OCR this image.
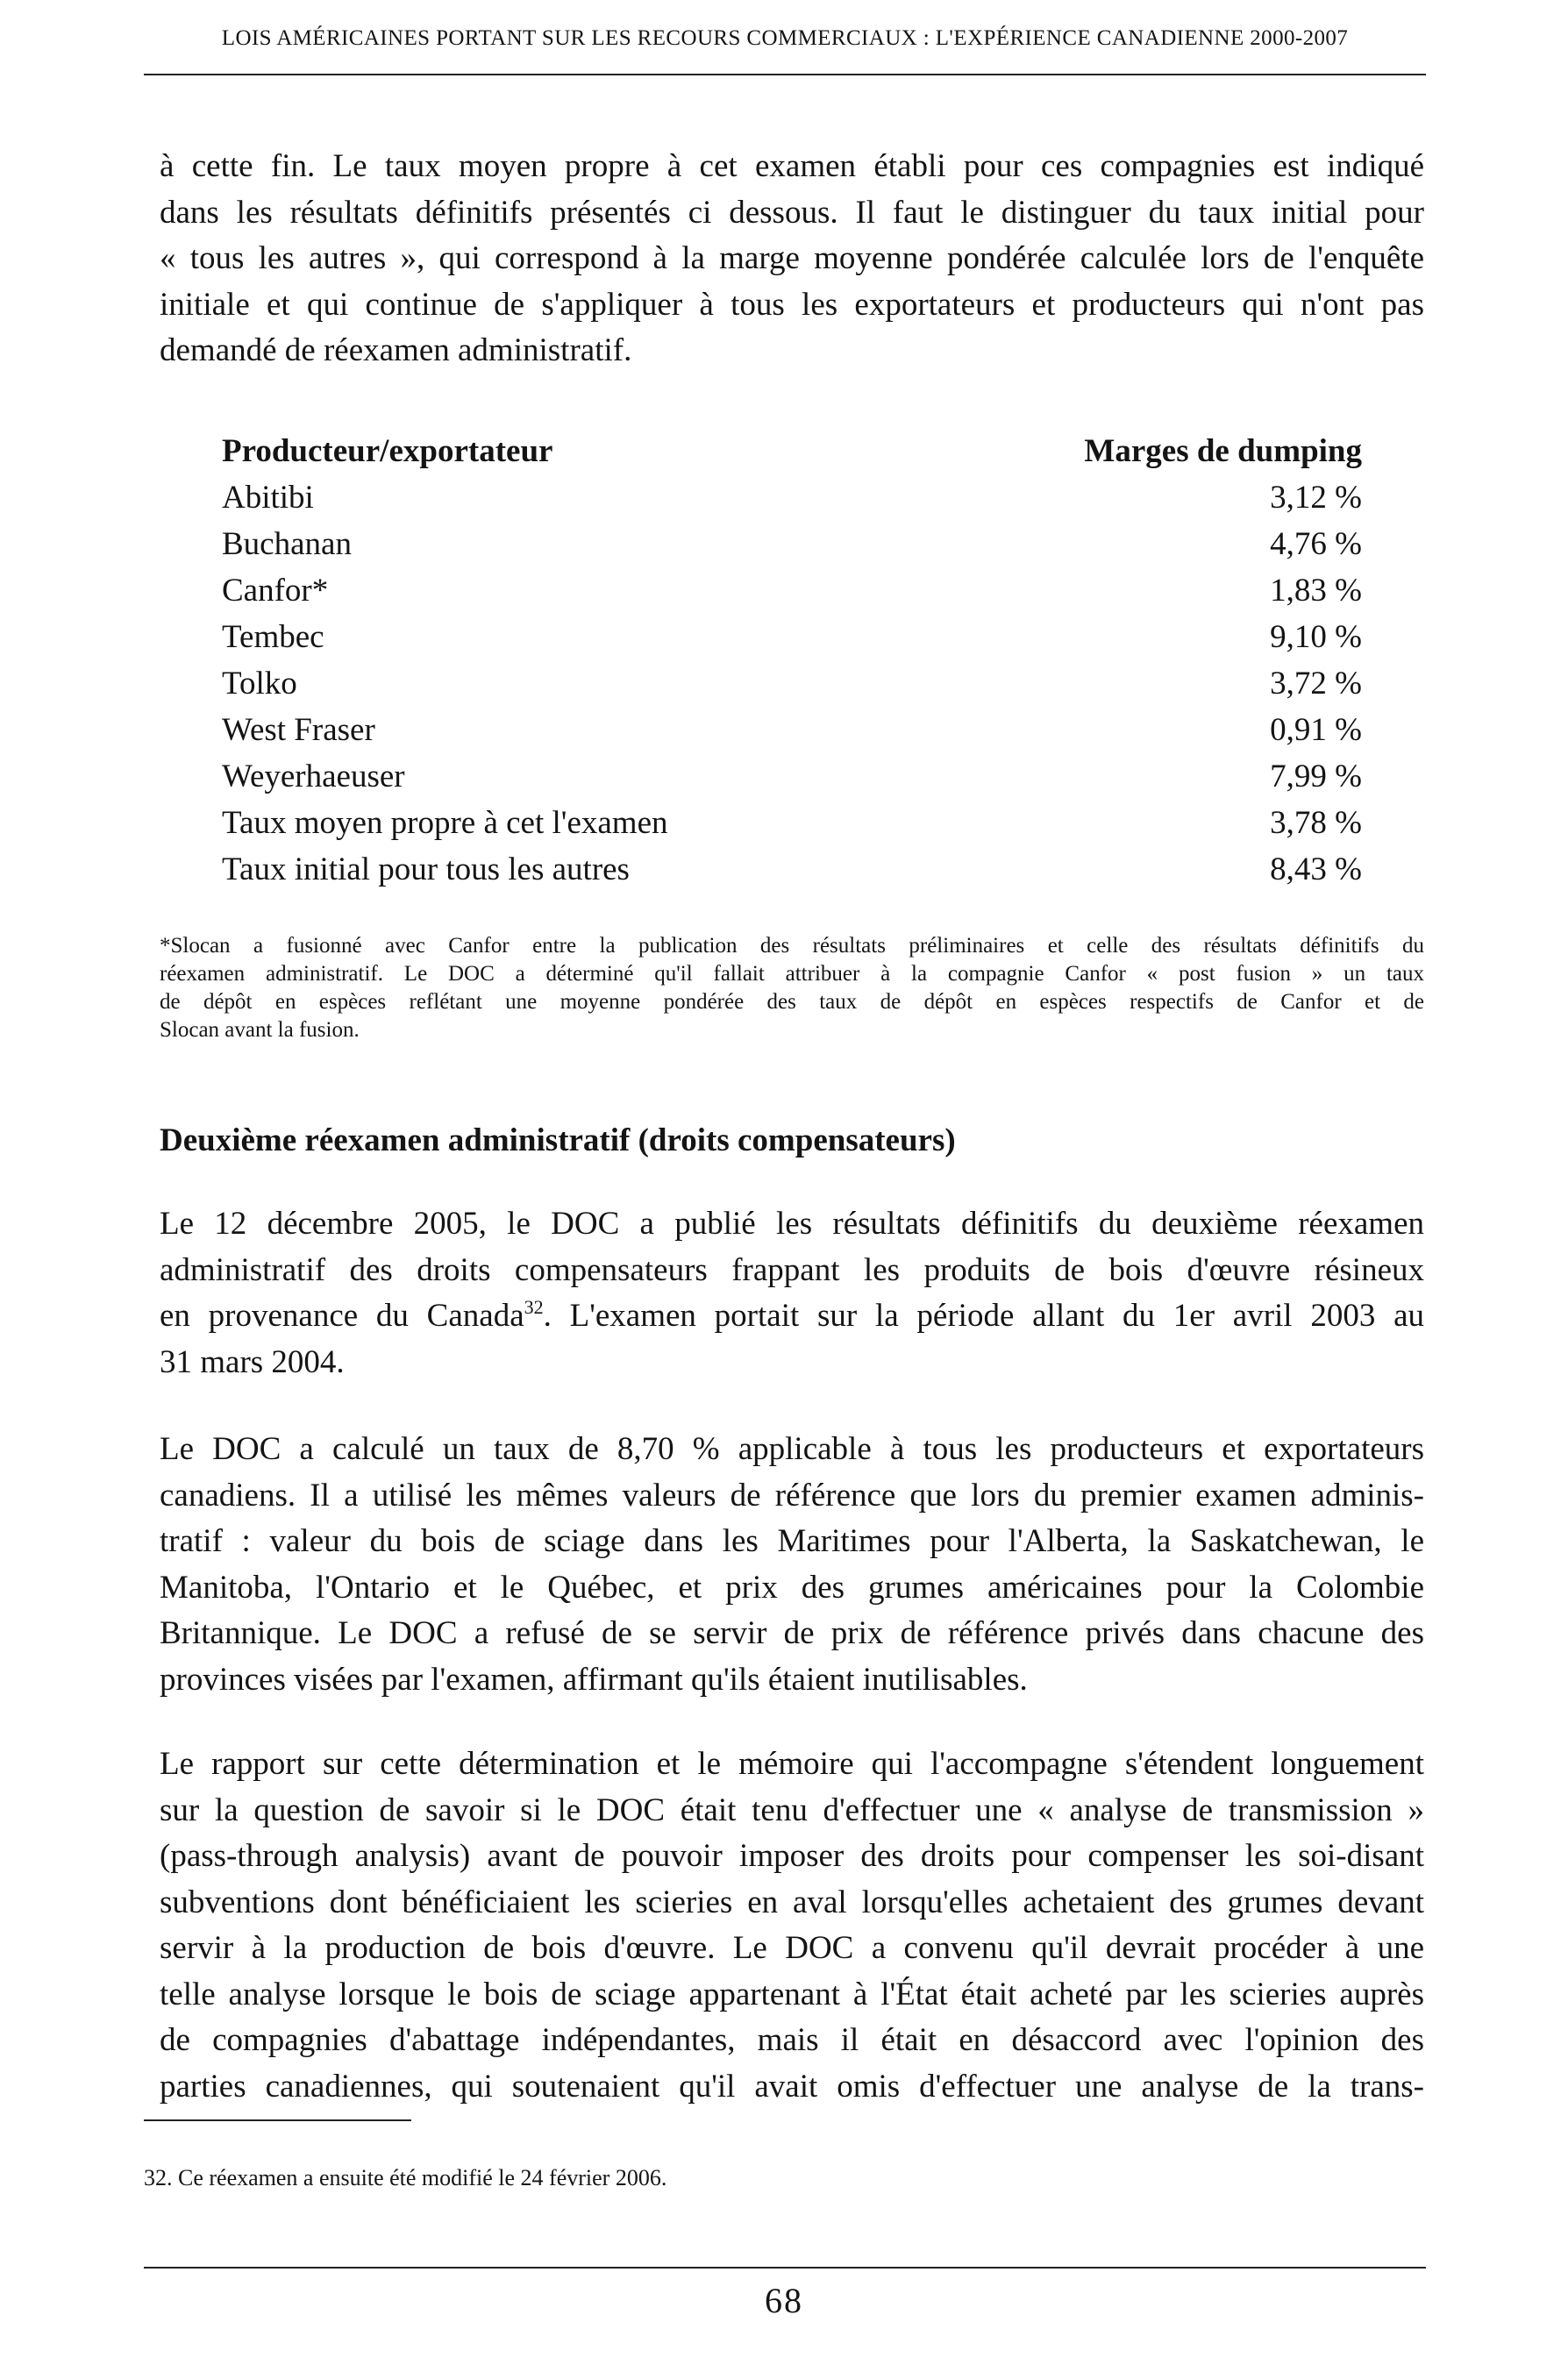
LOIS AMÉRICAINES PORTANT SUR LES RECOURS COMMERCIAUX : L'EXPÉRIENCE CANADIENNE 2000-2007
à cette fin. Le taux moyen propre à cet examen établi pour ces compagnies est indiqué
dans les résultats définitifs présentés ci dessous. Il faut le distinguer du taux initial pour
« tous les autres », qui correspond à la marge moyenne pondérée calculée lors de l'enquête
initiale et qui continue de s'appliquer à tous les exportateurs et producteurs qui n'ont pas
demandé de réexamen administratif.
Producteur/exportateur	Marges de dumping
Abitibi	3,12 %
Buchanan	4,76 %
Canfor*	1,83 %
Tembec	9,10 %
Tolko	3,72 %
West Fraser	0,91 %
Weyerhaeuser	7,99 %
Taux moyen propre à cet l'examen	3,78 %
Taux initial pour tous les autres	8,43 %
*Slocan a fusionné avec Canfor entre la publication des résultats préliminaires et celle des résultats définitifs du
réexamen administratif. Le DOC a déterminé qu'il fallait attribuer à la compagnie Canfor « post fusion » un taux
de dépôt en espèces reflétant une moyenne pondérée des taux de dépôt en espèces respectifs de Canfor et de
Slocan avant la fusion.
Deuxième réexamen administratif (droits compensateurs)
Le 12 décembre 2005, le DOC a publié les résultats définitifs du deuxième réexamen
administratif des droits compensateurs frappant les produits de bois d'œuvre résineux
en provenance du Canada$^{32}$. L'examen portait sur la période allant du 1er avril 2003 au
31 mars 2004.
Le DOC a calculé un taux de 8,70 % applicable à tous les producteurs et exportateurs
canadiens. Il a utilisé les mêmes valeurs de référence que lors du premier examen adminis-
tratif : valeur du bois de sciage dans les Maritimes pour l'Alberta, la Saskatchewan, le
Manitoba, l'Ontario et le Québec, et prix des grumes américaines pour la Colombie
Britannique. Le DOC a refusé de se servir de prix de référence privés dans chacune des
provinces visées par l'examen, affirmant qu'ils étaient inutilisables.
Le rapport sur cette détermination et le mémoire qui l'accompagne s'étendent longuement
sur la question de savoir si le DOC était tenu d'effectuer une « analyse de transmission »
(pass-through analysis) avant de pouvoir imposer des droits pour compenser les soi-disant
subventions dont bénéficiaient les scieries en aval lorsqu'elles achetaient des grumes devant
servir à la production de bois d'œuvre. Le DOC a convenu qu'il devrait procéder à une
telle analyse lorsque le bois de sciage appartenant à l'État était acheté par les scieries auprès
de compagnies d'abattage indépendantes, mais il était en désaccord avec l'opinion des
parties canadiennes, qui soutenaient qu'il avait omis d'effectuer une analyse de la trans-

32. Ce réexamen a ensuite été modifié le 24 février 2006.

68
